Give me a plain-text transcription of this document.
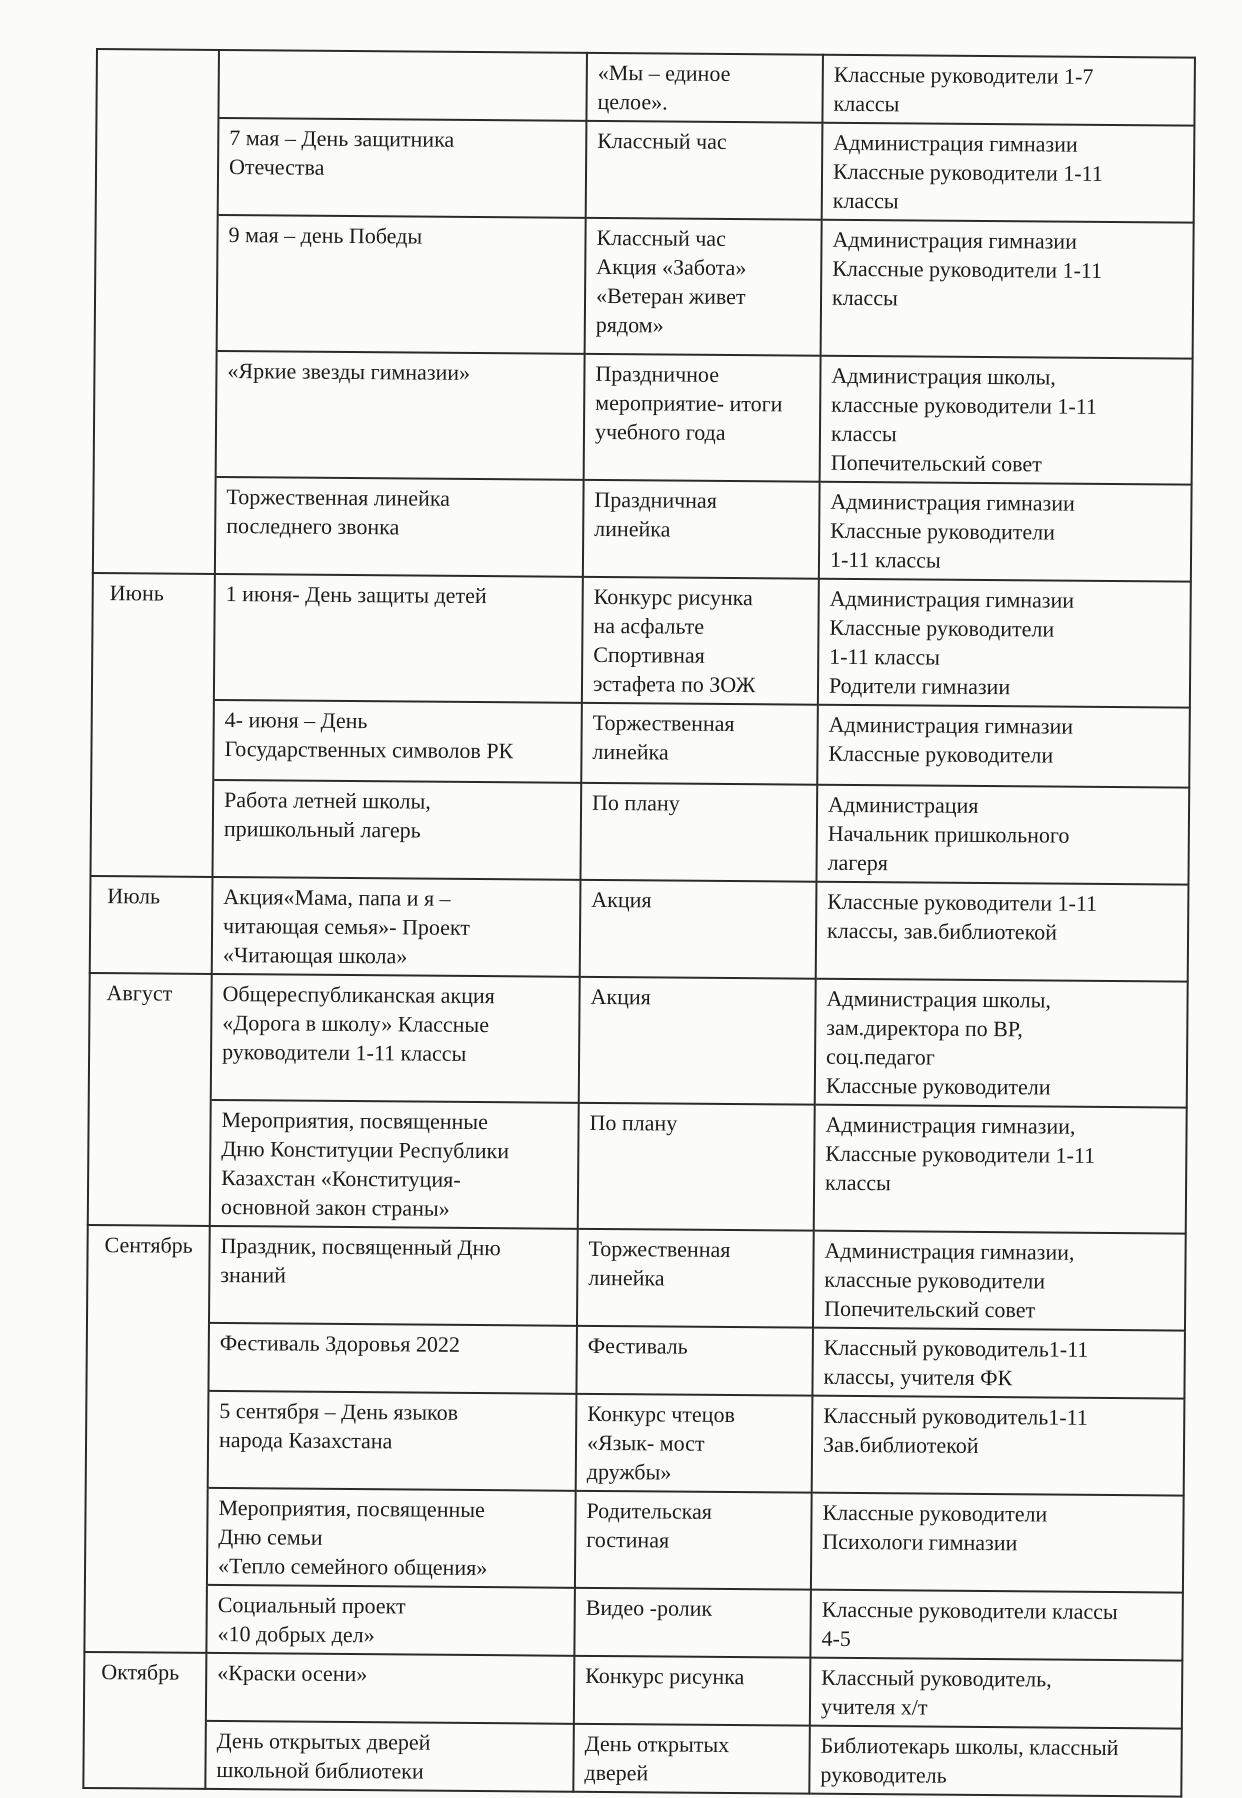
		«Мы – единое
целое».	Классные руководители 1-7
классы
	7 мая – День защитника
Отечества	Классный час	Администрация гимназии
Классные руководители 1-11
классы
	9 мая – день Победы	Классный час
Акция «Забота»
«Ветеран живет
рядом»	Администрация гимназии
Классные руководители 1-11
классы
	«Яркие звезды гимназии»	Праздничное
мероприятие- итоги
учебного года	Администрация школы,
классные руководители 1-11
классы
Попечительский совет
	Торжественная линейка
последнего звонка	Праздничная
линейка	Администрация гимназии
Классные руководители
1-11 классы
Июнь	1 июня- День защиты детей	Конкурс рисунка
на асфальте
Спортивная
эстафета по ЗОЖ	Администрация гимназии
Классные руководители
1-11 классы
Родители гимназии
	4- июня – День
Государственных символов РК	Торжественная
линейка	Администрация гимназии
Классные руководители
	Работа летней школы,
пришкольный лагерь	По плану	Администрация
Начальник пришкольного
лагеря
Июль	Акция«Мама, папа и я –
читающая семья»- Проект
«Читающая школа»	Акция	Классные руководители 1-11
классы, зав.библиотекой
Август	Общереспубликанская акция
«Дорога в школу» Классные
руководители 1-11 классы	Акция	Администрация школы,
зам.директора по ВР,
соц.педагог
Классные руководители
	Мероприятия, посвященные
Дню Конституции Республики
Казахстан «Конституция-
основной закон страны»	По плану	Администрация гимназии,
Классные руководители 1-11
классы
Сентябрь	Праздник, посвященный Дню
знаний	Торжественная
линейка	Администрация гимназии,
классные руководители
Попечительский совет
	Фестиваль Здоровья 2022	Фестиваль	Классный руководитель1-11
классы, учителя ФК
	5 сентября – День языков
народа Казахстана	Конкурс чтецов
«Язык- мост
дружбы»	Классный руководитель1-11
Зав.библиотекой
	Мероприятия, посвященные
Дню семьи
«Тепло семейного общения»	Родительская
гостиная	Классные руководители
Психологи гимназии
	Социальный проект
«10 добрых дел»	Видео -ролик	Классные руководители классы
4-5
Октябрь	«Краски осени»	Конкурс рисунка	Классный руководитель,
учителя х/т
	День открытых дверей
школьной библиотеки	День открытых
дверей	Библиотекарь школы, классный
руководитель
